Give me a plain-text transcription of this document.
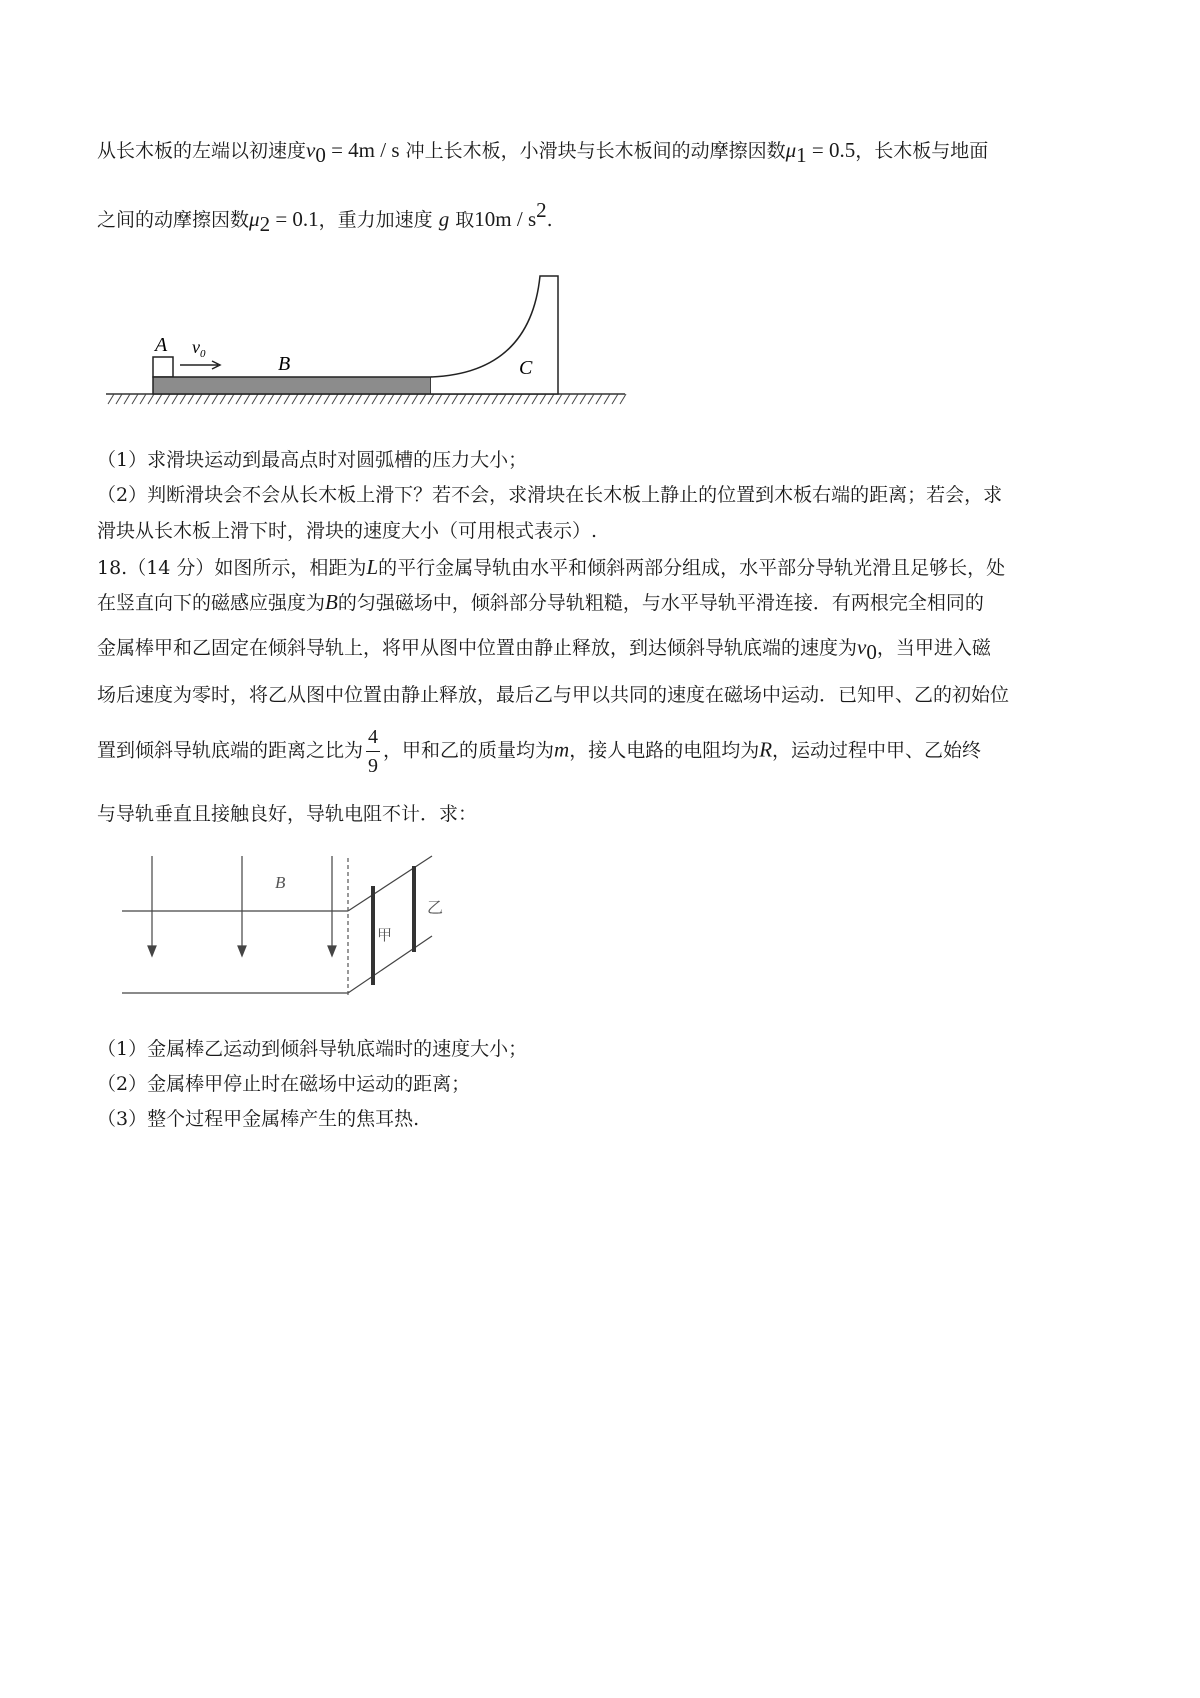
从长木板的左端以初速度$v_0 = 4m / s$ 冲上长木板，小滑块与长木板间的动摩擦因数$\mu_1 = 0.5$，长木板与地面
之间的动摩擦因数$\mu_2 = 0.1$，重力加速度 g 取$10m / s^2$.
A $v_0$	B	C
（1）求滑块运动到最高点时对圆弧槽的压力大小；
（2）判断滑块会不会从长木板上滑下？若不会，求滑块在长木板上静止的位置到木板右端的距离；若会，求
滑块从长木板上滑下时，滑块的速度大小（可用根式表示）.
18.（14 分）如图所示，相距为L的平行金属导轨由水平和倾斜两部分组成，水平部分导轨光滑且足够长，处
在竖直向下的磁感应强度为B的匀强磁场中，倾斜部分导轨粗糙，与水平导轨平滑连接．有两根完全相同的
金属棒甲和乙固定在倾斜导轨上，将甲从图中位置由静止释放，到达倾斜导轨底端的速度为$v_0$，当甲进入磁
场后速度为零时，将乙从图中位置由静止释放，最后乙与甲以共同的速度在磁场中运动．已知甲、乙的初始位
置到倾斜导轨底端的距离之比为 $\frac{4}{9}$ ，甲和乙的质量均为m，接人电路的电阻均为R，运动过程中甲、乙始终
与导轨垂直且接触良好，导轨电阻不计．求：
B
甲
乙
（1）金属棒乙运动到倾斜导轨底端时的速度大小；
（2）金属棒甲停止时在磁场中运动的距离；
（3）整个过程甲金属棒产生的焦耳热.
